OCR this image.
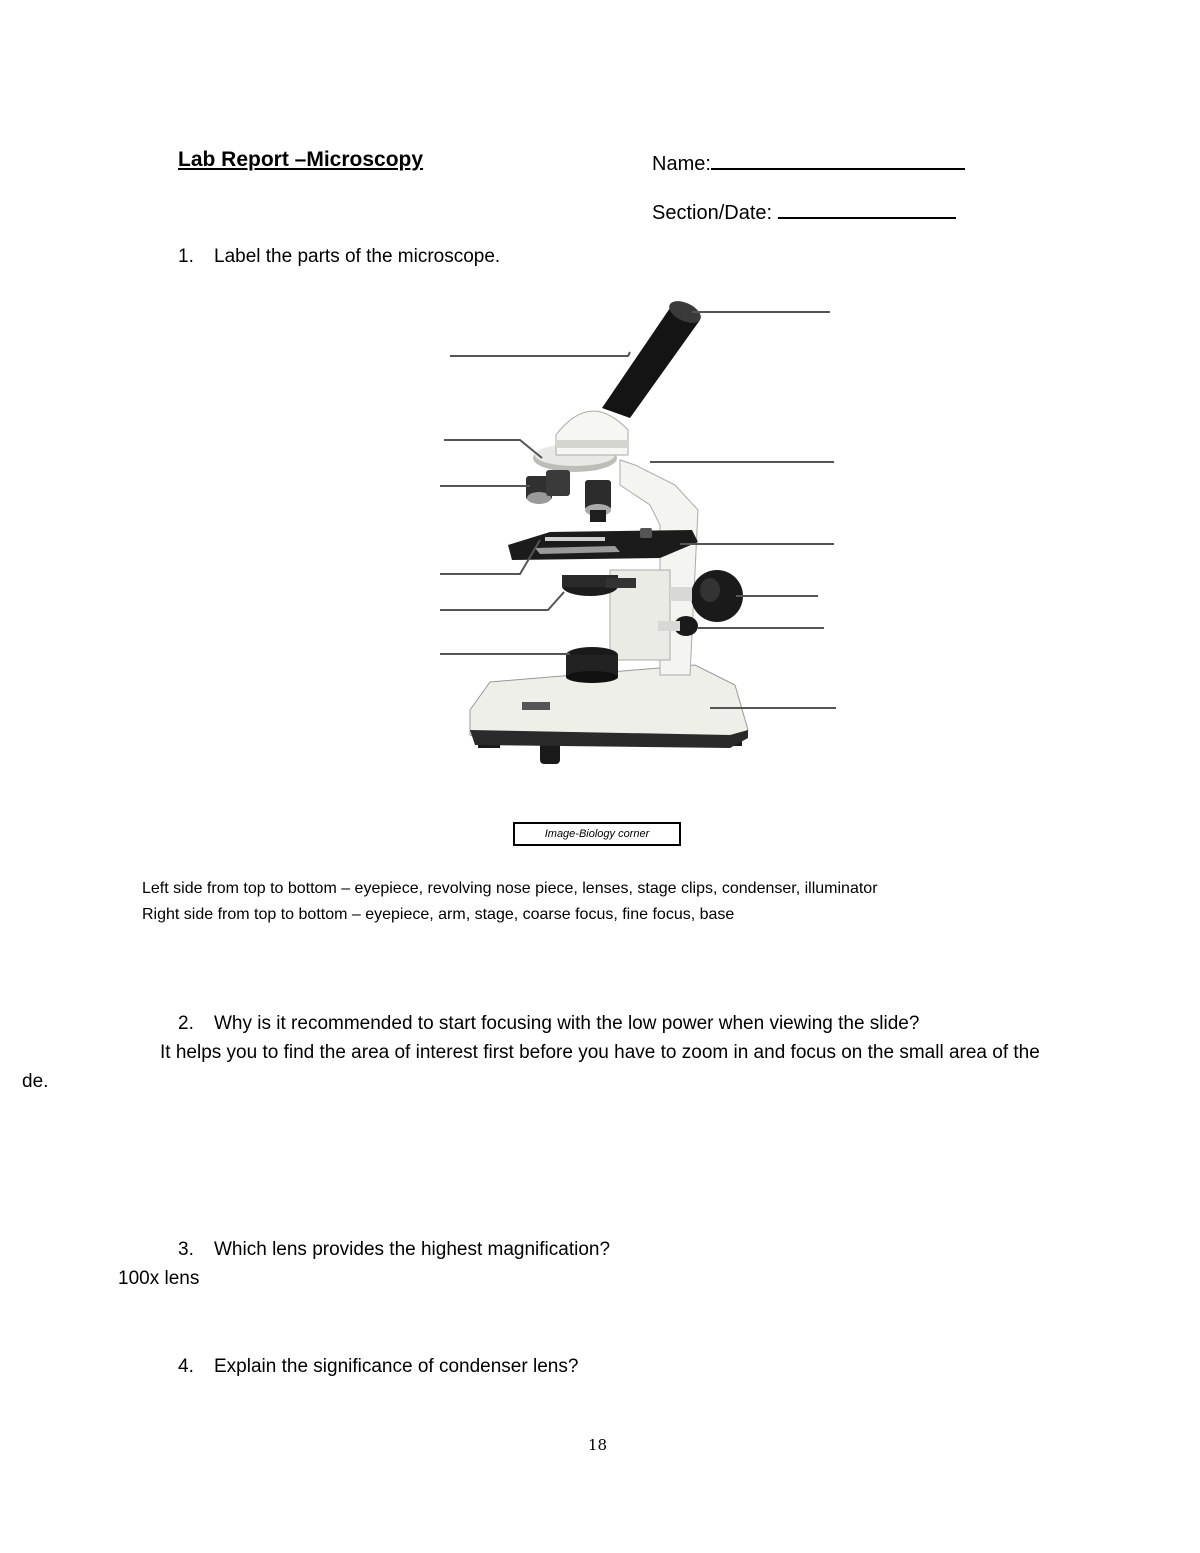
Lab Report –Microscopy	Name:
Section/Date:
1. Label the parts of the microscope.
Image-Biology corner
Left side from top to bottom – eyepiece, revolving nose piece, lenses, stage clips, condenser, illuminator
Right side from top to bottom – eyepiece, arm, stage, coarse focus, fine focus, base
2. Why is it recommended to start focusing with the low power when viewing the slide?
It helps you to find the area of interest first before you have to zoom in and focus on the small area of the
de.
3. Which lens provides the highest magnification?
100x lens
4. Explain the significance of condenser lens?
18
